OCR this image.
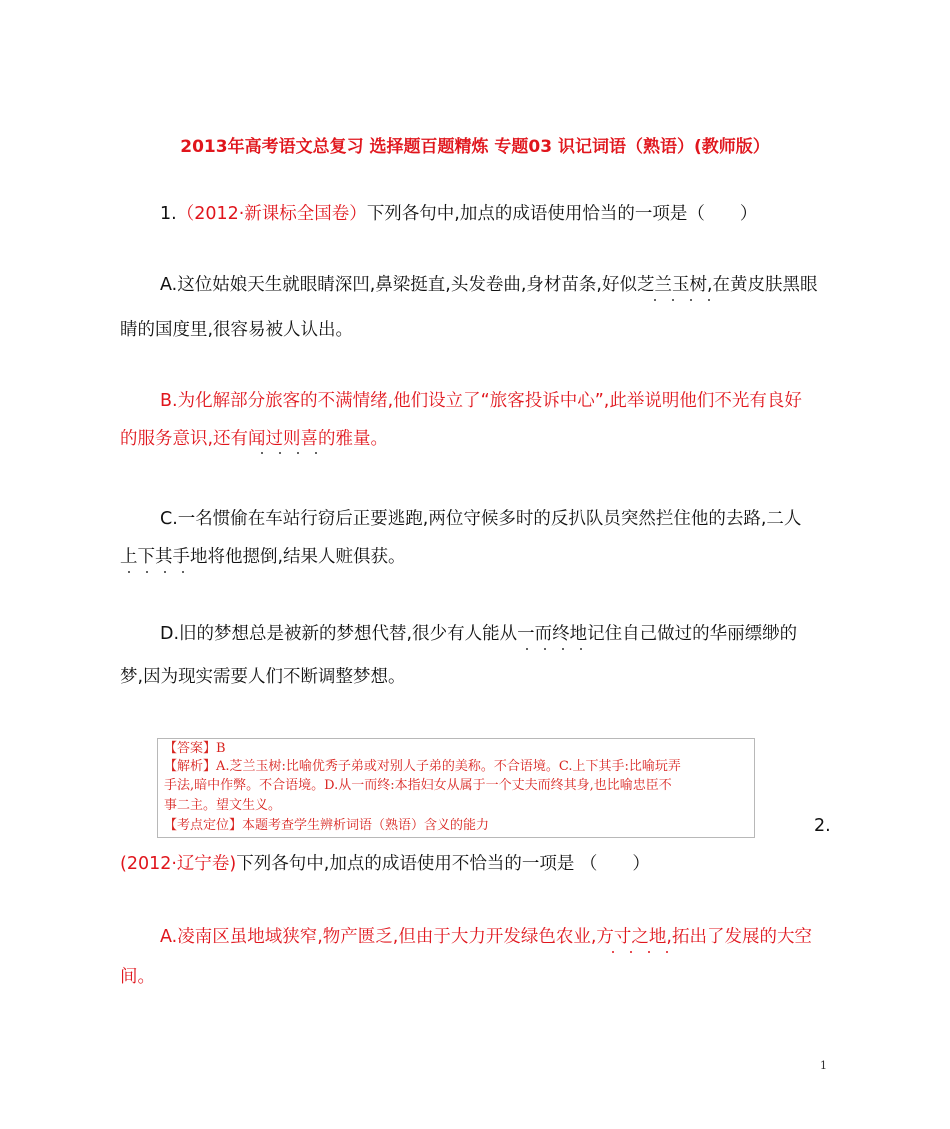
2013年高考语文总复习 选择题百题精炼 专题03 识记词语（熟语）(教师版）
1.（2012·新课标全国卷）下列各句中,加点的成语使用恰当的一项是（　　）
A.这位姑娘天生就眼睛深凹,鼻梁挺直,头发卷曲,身材苗条,好似芝兰玉树,在黄皮肤黑眼
睛的国度里,很容易被人认出。
B.为化解部分旅客的不满情绪,他们设立了“旅客投诉中心”,此举说明他们不光有良好
的服务意识,还有闻过则喜的雅量。
C.一名惯偷在车站行窃后正要逃跑,两位守候多时的反扒队员突然拦住他的去路,二人
上下其手地将他摁倒,结果人赃俱获。
D.旧的梦想总是被新的梦想代替,很少有人能从一而终地记住自己做过的华丽缥缈的
梦,因为现实需要人们不断调整梦想。
【答案】B
【解析】A.芝兰玉树:比喻优秀子弟或对别人子弟的美称。不合语境。C.上下其手:比喻玩弄
手法,暗中作弊。不合语境。D.从一而终:本指妇女从属于一个丈夫而终其身,也比喻忠臣不
事二主。望文生义。
【考点定位】本题考查学生辨析词语（熟语）含义的能力	2.
(2012·辽宁卷)下列各句中,加点的成语使用不恰当的一项是 （　　）
A.凌南区虽地域狭窄,物产匮乏,但由于大力开发绿色农业,方寸之地,拓出了发展的大空
间。
1
